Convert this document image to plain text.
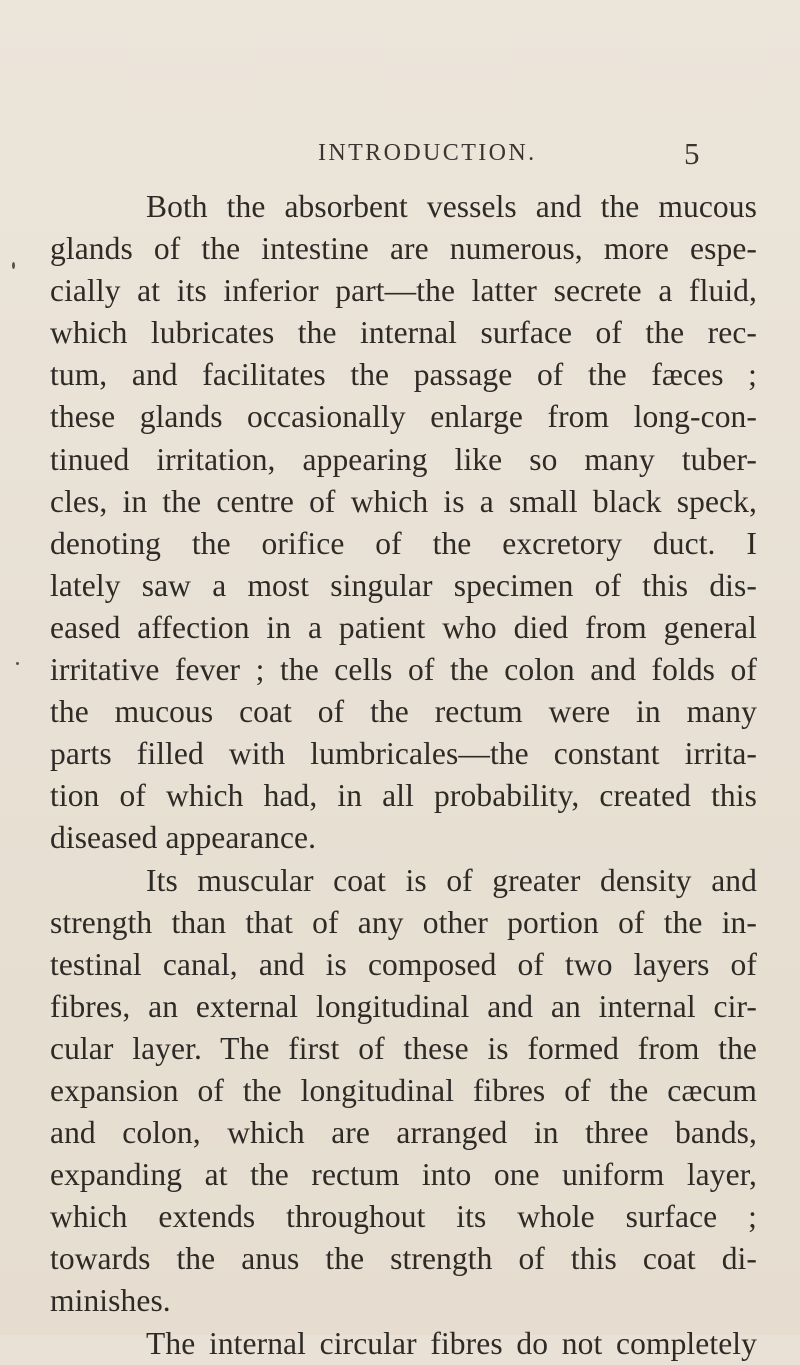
INTRODUCTION.	5
Both the absorbent vessels and the mucous
glands of the intestine are numerous, more espe-
cially at its inferior part—the latter secrete a fluid,
which lubricates the internal surface of the rec-
tum, and facilitates the passage of the fæces ;
these glands occasionally enlarge from long-con-
tinued irritation, appearing like so many tuber-
cles, in the centre of which is a small black speck,
denoting the orifice of the excretory duct. I
lately saw a most singular specimen of this dis-
eased affection in a patient who died from general
irritative fever ; the cells of the colon and folds of
the mucous coat of the rectum were in many
parts filled with lumbricales—the constant irrita-
tion of which had, in all probability, created this
diseased appearance.
Its muscular coat is of greater density and
strength than that of any other portion of the in-
testinal canal, and is composed of two layers of
fibres, an external longitudinal and an internal cir-
cular layer. The first of these is formed from the
expansion of the longitudinal fibres of the cæcum
and colon, which are arranged in three bands,
expanding at the rectum into one uniform layer,
which extends throughout its whole surface ;
towards the anus the strength of this coat di-
minishes.
The internal circular fibres do not completely
